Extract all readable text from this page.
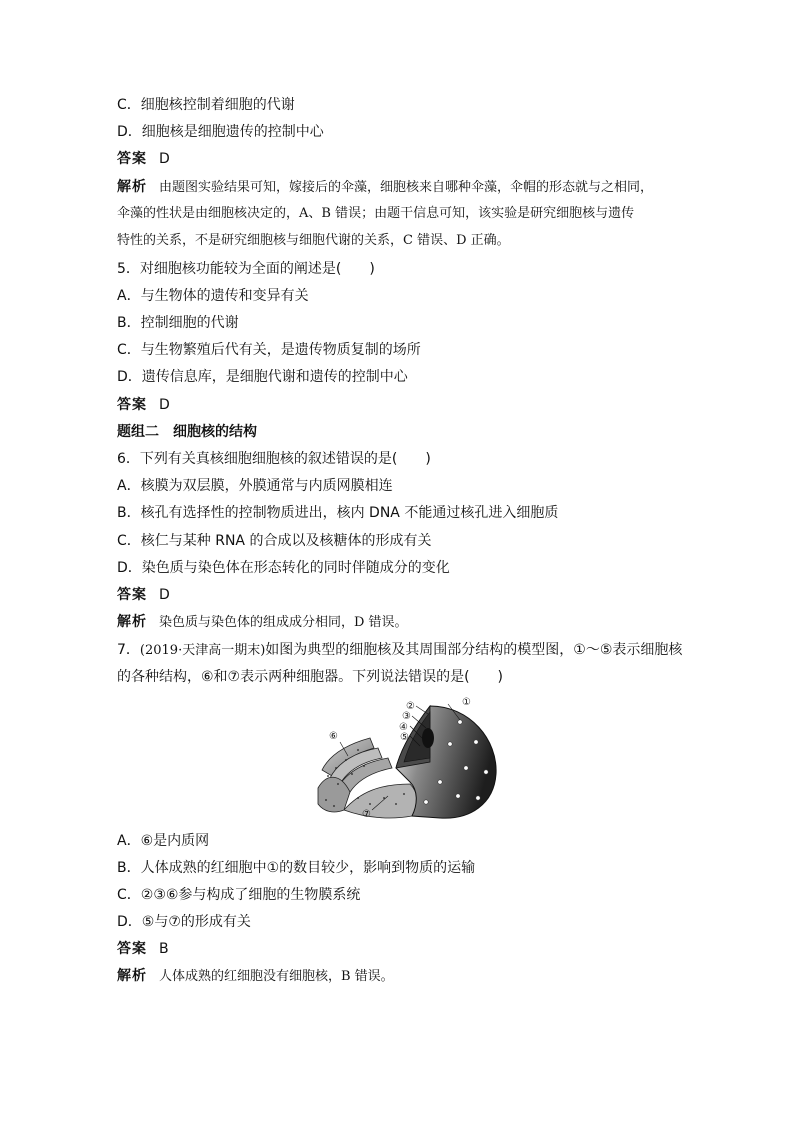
C．细胞核控制着细胞的代谢
D．细胞核是细胞遗传的控制中心
答案 D
解析 由题图实验结果可知，嫁接后的伞藻，细胞核来自哪种伞藻，伞帽的形态就与之相同，
伞藻的性状是由细胞核决定的，A、B 错误；由题干信息可知，该实验是研究细胞核与遗传
特性的关系，不是研究细胞核与细胞代谢的关系，C 错误、D 正确。
5．对细胞核功能较为全面的阐述是(　　)
A．与生物体的遗传和变异有关
B．控制细胞的代谢
C．与生物繁殖后代有关，是遗传物质复制的场所
D．遗传信息库，是细胞代谢和遗传的控制中心
答案 D
题组二　细胞核的结构
6．下列有关真核细胞细胞核的叙述错误的是(　　)
A．核膜为双层膜，外膜通常与内质网膜相连
B．核孔有选择性的控制物质进出，核内 DNA 不能通过核孔进入细胞质
C．核仁与某种 RNA 的合成以及核糖体的形成有关
D．染色质与染色体在形态转化的同时伴随成分的变化
答案 D
解析 染色质与染色体的组成成分相同，D 错误。
7．(2019·天津高一期末)如图为典型的细胞核及其周围部分结构的模型图，①～⑤表示细胞核
的各种结构，⑥和⑦表示两种细胞器。下列说法错误的是(　　)
①
②
③
④
⑤
⑥
⑦
A．⑥是内质网
B．人体成熟的红细胞中①的数目较少，影响到物质的运输
C．②③⑥参与构成了细胞的生物膜系统
D．⑤与⑦的形成有关
答案 B
解析 人体成熟的红细胞没有细胞核，B 错误。
